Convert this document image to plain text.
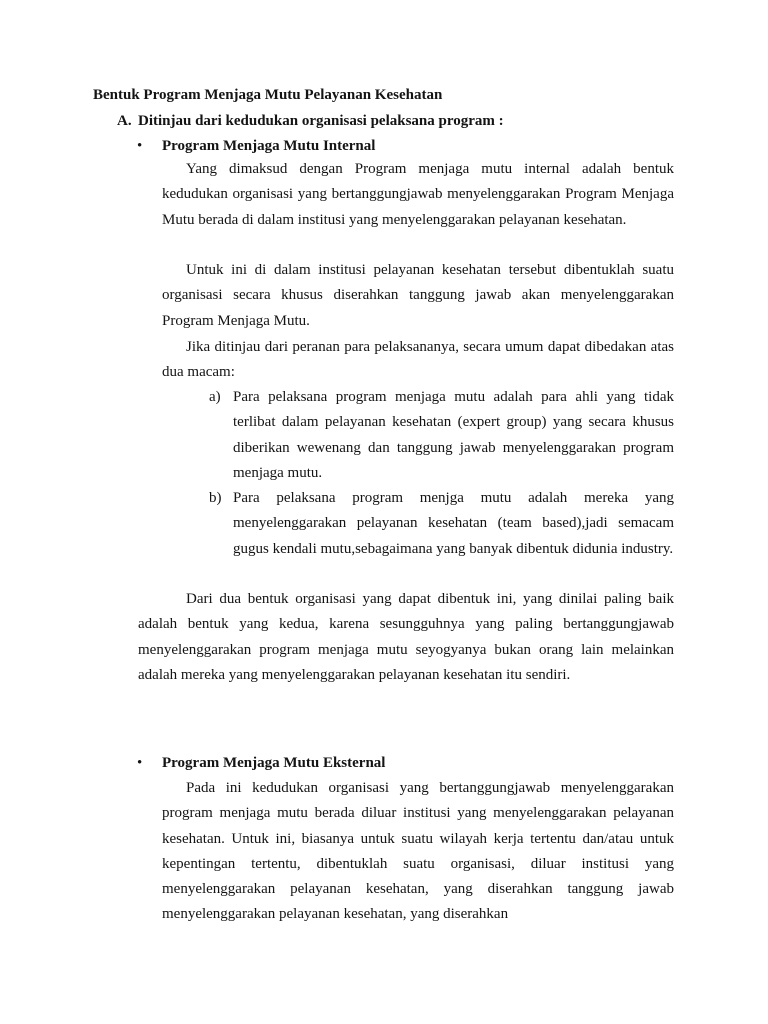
Bentuk Program Menjaga Mutu Pelayanan Kesehatan
A. Ditinjau dari kedudukan organisasi pelaksana program :
• Program Menjaga Mutu Internal

Yang dimaksud dengan Program menjaga mutu internal adalah bentuk kedudukan organisasi yang bertanggungjawab menyelenggarakan Program Menjaga Mutu berada di dalam institusi yang menyelenggarakan pelayanan kesehatan.

Untuk ini di dalam institusi pelayanan kesehatan tersebut dibentuklah suatu organisasi secara khusus diserahkan tanggung jawab akan menyelenggarakan Program Menjaga Mutu.

Jika ditinjau dari peranan para pelaksananya, secara umum dapat dibedakan atas dua macam:

a) Para pelaksana program menjaga mutu adalah para ahli yang tidak terlibat dalam pelayanan kesehatan (expert group) yang secara khusus diberikan wewenang dan tanggung jawab menyelenggarakan program menjaga mutu.
b) Para pelaksana program menjga mutu adalah mereka yang menyelenggarakan pelayanan kesehatan (team based),jadi semacam gugus kendali mutu,sebagaimana yang banyak dibentuk didunia industry.

Dari dua bentuk organisasi yang dapat dibentuk ini, yang dinilai paling baik adalah bentuk yang kedua, karena sesungguhnya yang paling bertanggungjawab menyelenggarakan program menjaga mutu seyogyanya bukan orang lain melainkan adalah mereka yang menyelenggarakan pelayanan kesehatan itu sendiri.

• Program Menjaga Mutu Eksternal

Pada ini kedudukan organisasi yang bertanggungjawab menyelenggarakan program menjaga mutu berada diluar institusi yang menyelenggarakan pelayanan kesehatan. Untuk ini, biasanya untuk suatu wilayah kerja tertentu dan/atau untuk kepentingan tertentu, dibentuklah suatu organisasi, diluar institusi yang menyelenggarakan pelayanan kesehatan, yang diserahkan tanggung jawab menyelenggarakan pelayanan kesehatan, yang diserahkan
